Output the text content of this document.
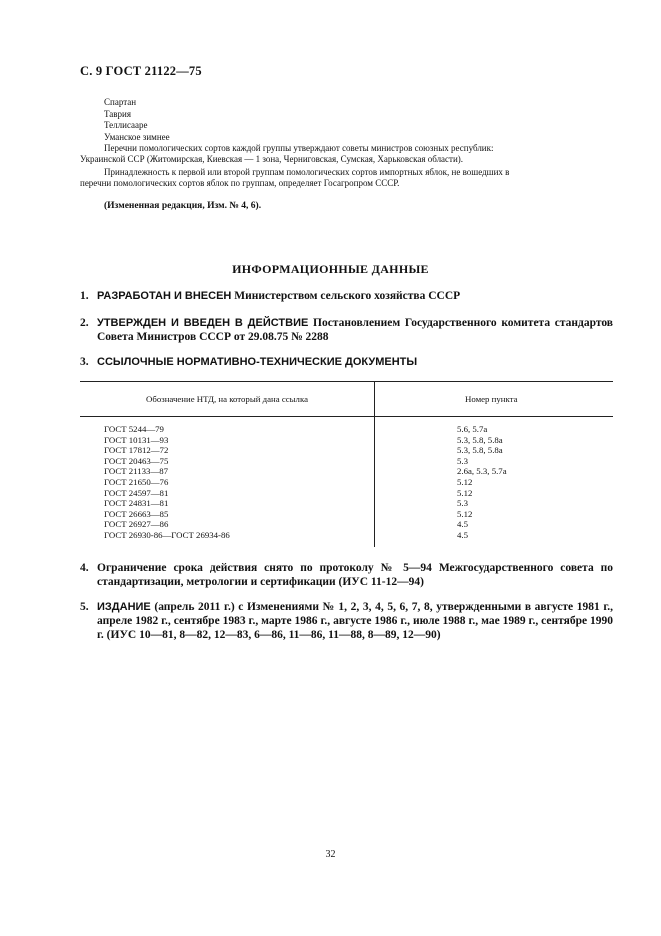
С. 9 ГОСТ 21122—75
Спартан
Таврия
Теллисааре
Уманское зимнее
Перечни помологических сортов каждой группы утверждают советы министров союзных республик:
Украинской ССР (Житомирская, Киевская — 1 зона, Черниговская, Сумская, Харьковская области).
Принадлежность к первой или второй группам помологических сортов импортных яблок, не вошедших в
перечни помологических сортов яблок по группам, определяет Госагропром СССР.
(Измененная редакция, Изм. № 4, 6).
ИНФОРМАЦИОННЫЕ ДАННЫЕ
1. РАЗРАБОТАН И ВНЕСЕН Министерством сельского хозяйства СССР
2. УТВЕРЖДЕН И ВВЕДЕН В ДЕЙСТВИЕ Постановлением Государственного комитета стандартов Совета Министров СССР от 29.08.75 № 2288
3. ССЫЛОЧНЫЕ НОРМАТИВНО-ТЕХНИЧЕСКИЕ ДОКУМЕНТЫ
Обозначение НТД, на который дана ссылка	Номер пункта
ГОСТ 5244—79	5.6, 5.7а
ГОСТ 10131—93	5.3, 5.8, 5.8а
ГОСТ 17812—72	5.3, 5.8, 5.8а
ГОСТ 20463—75	5.3
ГОСТ 21133—87	2.6а, 5.3, 5.7а
ГОСТ 21650—76	5.12
ГОСТ 24597—81	5.12
ГОСТ 24831—81	5.3
ГОСТ 26663—85	5.12
ГОСТ 26927—86	4.5
ГОСТ 26930-86—ГОСТ 26934-86	4.5
4. Ограничение срока действия снято по протоколу № 5—94 Межгосударственного совета по стандартизации, метрологии и сертификации (ИУС 11-12—94)
5. ИЗДАНИЕ (апрель 2011 г.) с Изменениями № 1, 2, 3, 4, 5, 6, 7, 8, утвержденными в августе 1981 г., апреле 1982 г., сентябре 1983 г., марте 1986 г., августе 1986 г., июле 1988 г., мае 1989 г., сентябре 1990 г. (ИУС 10—81, 8—82, 12—83, 6—86, 11—86, 11—88, 8—89, 12—90)
32
